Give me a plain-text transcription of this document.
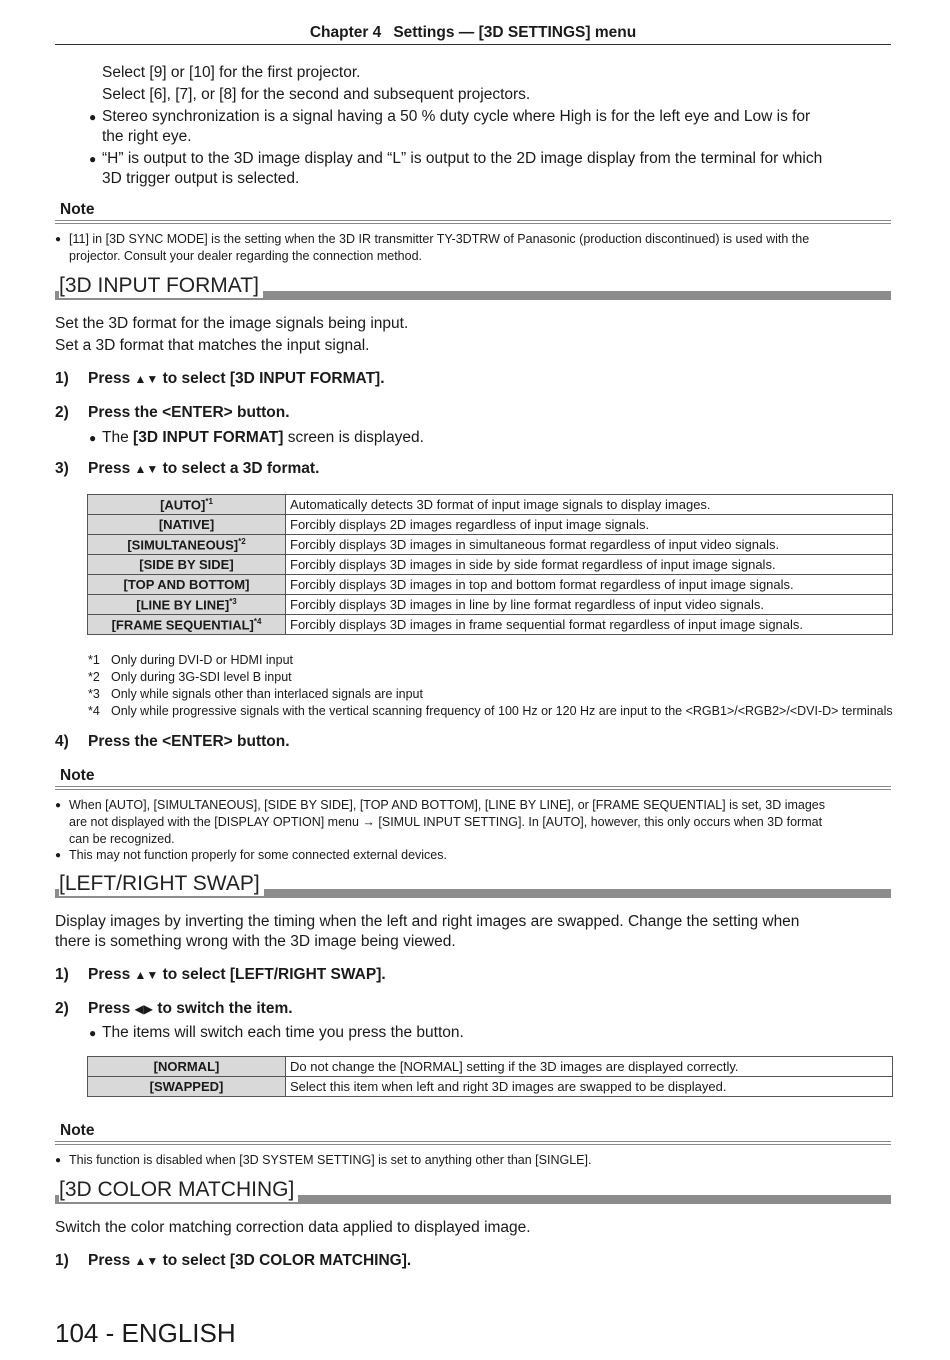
Chapter 4 Settings — [3D SETTINGS] menu
Select [9] or [10] for the first projector.
Select [6], [7], or [8] for the second and subsequent projectors.
● Stereo synchronization is a signal having a 50 % duty cycle where High is for the left eye and Low is for
the right eye.
● “H” is output to the 3D image display and “L” is output to the 2D image display from the terminal for which
3D trigger output is selected.
Note
● [11] in [3D SYNC MODE] is the setting when the 3D IR transmitter TY-3DTRW of Panasonic (production discontinued) is used with the
projector. Consult your dealer regarding the connection method.
[3D INPUT FORMAT]
Set the 3D format for the image signals being input.
Set a 3D format that matches the input signal.
1) Press ▲▼ to select [3D INPUT FORMAT].
2) Press the <ENTER> button.
● The [3D INPUT FORMAT] screen is displayed.
3) Press ▲▼ to select a 3D format.
[AUTO]$^{*1}$	Automatically detects 3D format of input image signals to display images.
[NATIVE]	Forcibly displays 2D images regardless of input image signals.
[SIMULTANEOUS]$^{*2}$	Forcibly displays 3D images in simultaneous format regardless of input video signals.
[SIDE BY SIDE]	Forcibly displays 3D images in side by side format regardless of input image signals.
[TOP AND BOTTOM]	Forcibly displays 3D images in top and bottom format regardless of input image signals.
[LINE BY LINE]$^{*3}$	Forcibly displays 3D images in line by line format regardless of input video signals.
[FRAME SEQUENTIAL]$^{*4}$	Forcibly displays 3D images in frame sequential format regardless of input image signals.
*1 Only during DVI-D or HDMI input
*2 Only during 3G-SDI level B input
*3 Only while signals other than interlaced signals are input
*4 Only while progressive signals with the vertical scanning frequency of 100 Hz or 120 Hz are input to the <RGB1>/<RGB2>/<DVI-D> terminals
4) Press the <ENTER> button.
Note
● When [AUTO], [SIMULTANEOUS], [SIDE BY SIDE], [TOP AND BOTTOM], [LINE BY LINE], or [FRAME SEQUENTIAL] is set, 3D images
are not displayed with the [DISPLAY OPTION] menu → [SIMUL INPUT SETTING]. In [AUTO], however, this only occurs when 3D format
can be recognized.
● This may not function properly for some connected external devices.
[LEFT/RIGHT SWAP]
Display images by inverting the timing when the left and right images are swapped. Change the setting when
there is something wrong with the 3D image being viewed.
1) Press ▲▼ to select [LEFT/RIGHT SWAP].
2) Press ◀▶ to switch the item.
● The items will switch each time you press the button.
[NORMAL]	Do not change the [NORMAL] setting if the 3D images are displayed correctly.
[SWAPPED]	Select this item when left and right 3D images are swapped to be displayed.
Note
● This function is disabled when [3D SYSTEM SETTING] is set to anything other than [SINGLE].
[3D COLOR MATCHING]
Switch the color matching correction data applied to displayed image.
1) Press ▲▼ to select [3D COLOR MATCHING].
104 - ENGLISH
